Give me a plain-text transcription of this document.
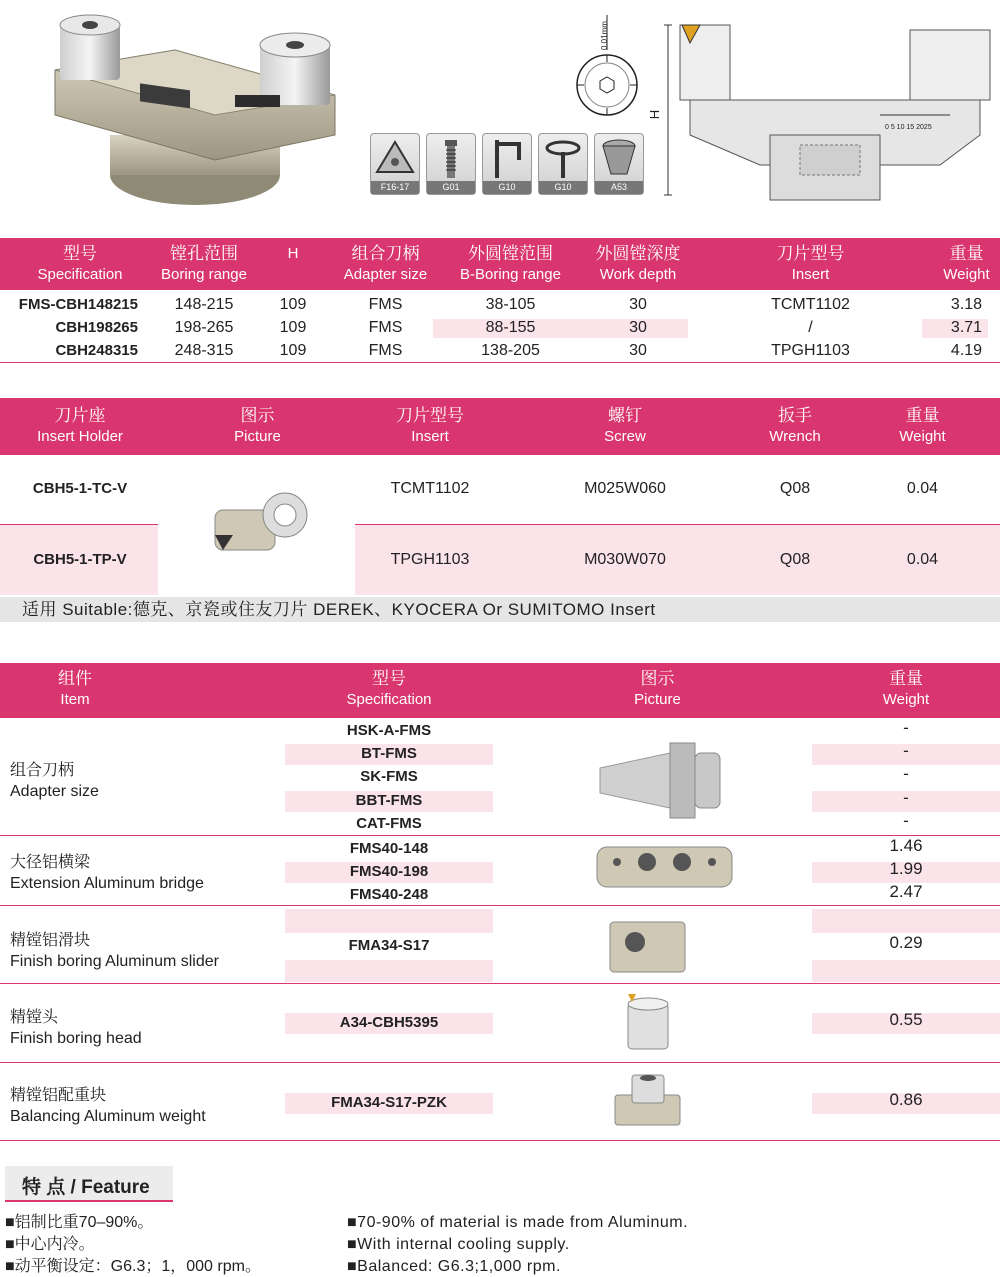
F16-17	G01	G10	G10	A53
0.01mm
H
0 5 10 15 2025
型号
Specification
镗孔范围
Boring range
H	组合刀柄
Adapter size
外圆镗范围
B-Boring range
外圆镗深度
Work depth
刀片型号
Insert
重量
Weight
FMS-CBH148215	148-215	109	FMS	38-105	30	TCMT1102	3.18
CBH198265	198-265	109	FMS	88-155	30	/	3.71
CBH248315	248-315	109	FMS	138-205	30	TPGH1103	4.19
刀片座
Insert Holder
图示
Picture
刀片型号
Insert
螺钉
Screw
扳手
Wrench
重量
Weight
CBH5-1-TC-V	TCMT1102	M025W060	Q08	0.04
CBH5-1-TP-V	TPGH1103	M030W070	Q08	0.04
适用 Suitable:德克、京瓷或住友刀片 DEREK、KYOCERA Or SUMITOMO Insert
组件
Item
型号
Specification
图示
Picture
重量
Weight
组合刀柄
Adapter size
HSK-A-FMS	-
BT-FMS	-
SK-FMS	-
BBT-FMS	-
CAT-FMS	-
大径铝横梁
Extension Aluminum bridge
FMS40-148	1.46
FMS40-198	1.99
FMS40-248	2.47
精镗铝滑块
Finish boring Aluminum slider
FMA34-S17	0.29
精镗头
Finish boring head
A34-CBH5395	0.55
精镗铝配重块
Balancing Aluminum weight
FMA34-S17-PZK	0.86
特 点 / Feature
■铝制比重70–90%。
■中心内冷。
■动平衡设定：G6.3；1，000 rpm。
■70-90% of material is made from Aluminum.
■With internal cooling supply.
■Balanced: G6.3;1,000 rpm.
